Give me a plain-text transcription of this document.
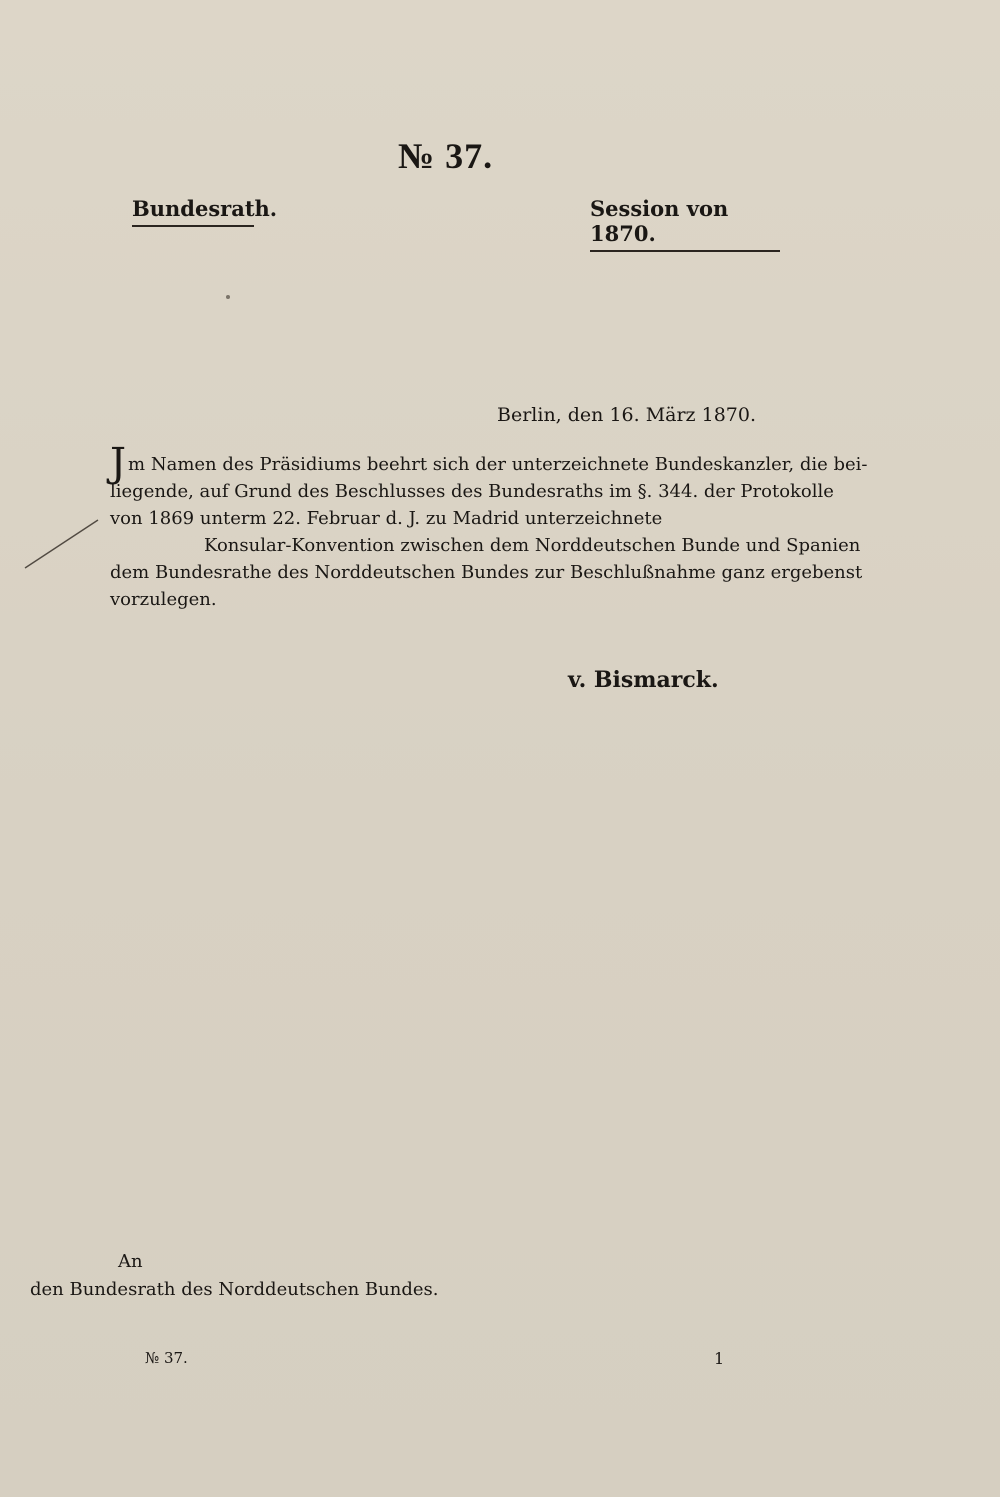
№ 37.
Bundesrath.	Session von 1870.
Berlin, den 16. März 1870.
Jm Namen des Präsidiums beehrt sich der unterzeichnete Bundeskanzler, die bei-
liegende, auf Grund des Beschlusses des Bundesraths im §. 344. der Protokolle
von 1869 unterm 22. Februar d. J. zu Madrid unterzeichnete
Konsular-Konvention zwischen dem Norddeutschen Bunde und Spanien
dem Bundesrathe des Norddeutschen Bundes zur Beschlußnahme ganz ergebenst
vorzulegen.
v. Bismarck.
An
den Bundesrath des Norddeutschen Bundes.
№ 37.	1
